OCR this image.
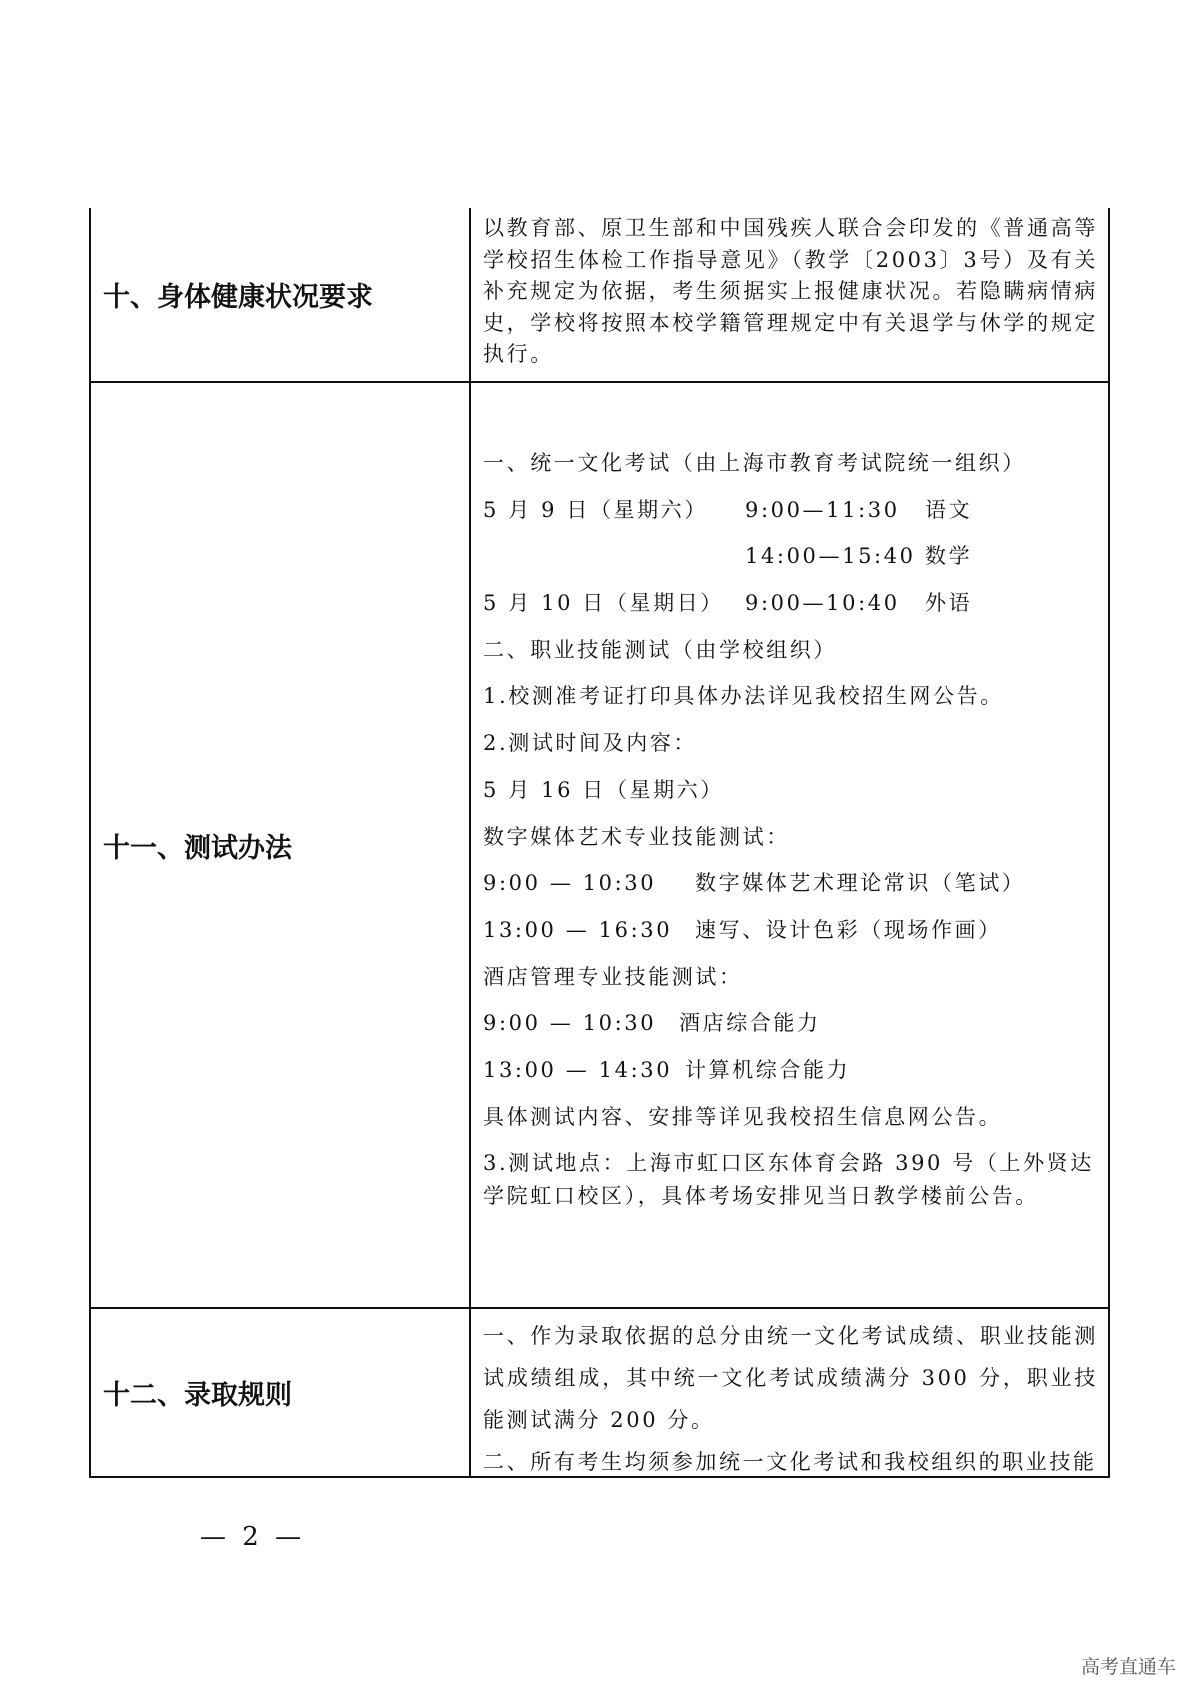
十、身体健康状况要求
以教育部、原卫生部和中国残疾人联合会印发的《普通高等学校招生体检工作指导意见》（教学〔2003〕3号）及有关补充规定为依据，考生须据实上报健康状况。若隐瞒病情病史，学校将按照本校学籍管理规定中有关退学与休学的规定执行。
十一、测试办法
一、统一文化考试（由上海市教育考试院统一组织）
5 月 9 日（星期六） 9:00—11:30 语文
14:00—15:40 数学
5 月 10 日（星期日） 9:00—10:40 外语
二、职业技能测试（由学校组织）
1.校测准考证打印具体办法详见我校招生网公告。
2.测试时间及内容：
5 月 16 日（星期六）
数字媒体艺术专业技能测试：
9:00 — 10:30 数字媒体艺术理论常识（笔试）
13:00 — 16:30 速写、设计色彩（现场作画）
酒店管理专业技能测试：
9:00 — 10:30 酒店综合能力
13:00 — 14:30 计算机综合能力
具体测试内容、安排等详见我校招生信息网公告。
3.测试地点：上海市虹口区东体育会路 390 号（上外贤达学院虹口校区），具体考场安排见当日教学楼前公告。
十二、录取规则
一、作为录取依据的总分由统一文化考试成绩、职业技能测试成绩组成，其中统一文化考试成绩满分 300 分，职业技能测试满分 200 分。
二、所有考生均须参加统一文化考试和我校组织的职业技能
— 2 —
高考直通车
